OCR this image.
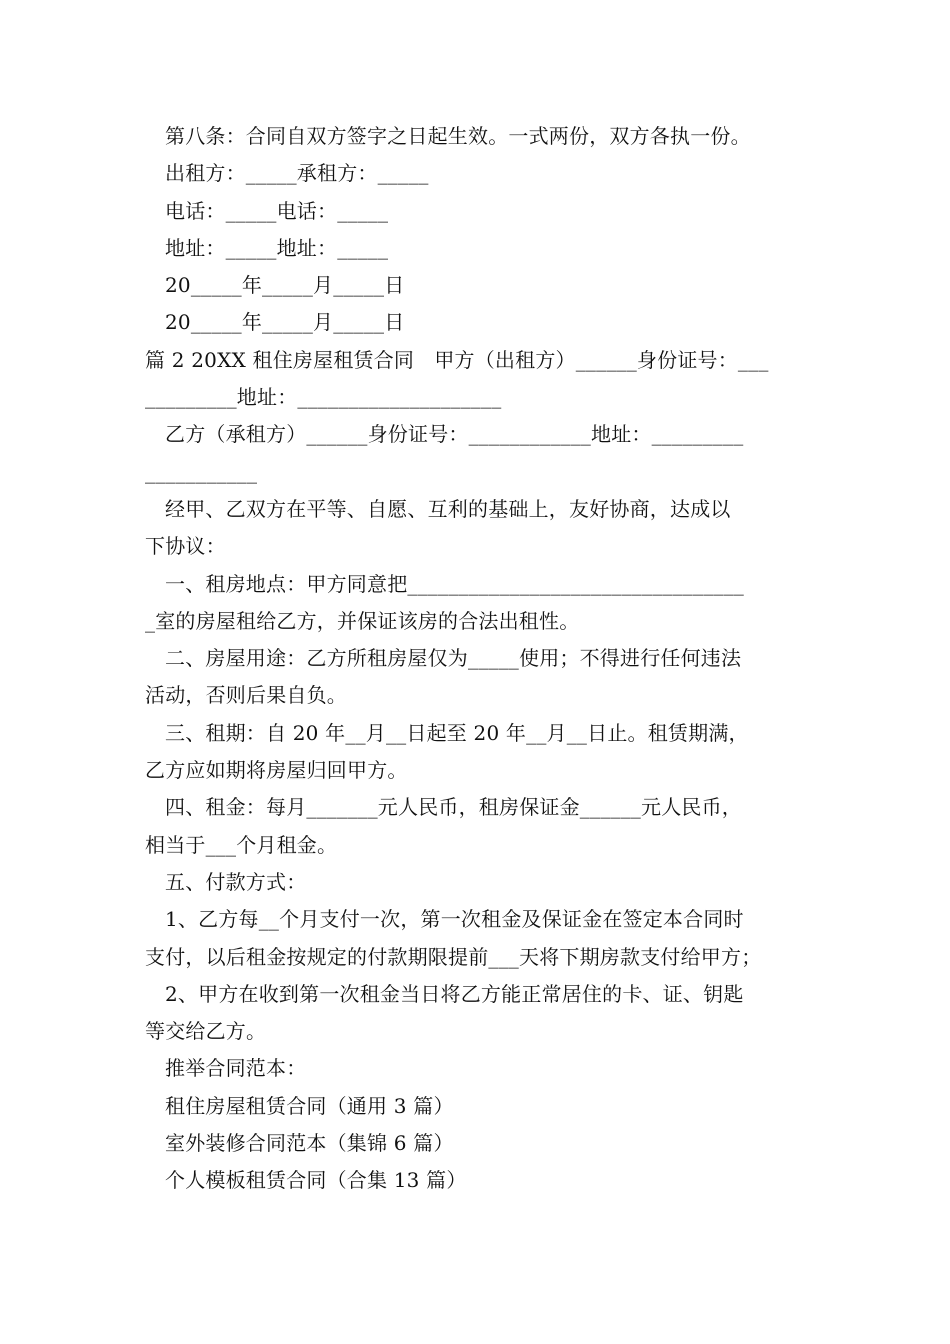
第八条：合同自双方签字之日起生效。一式两份，双方各执一份。
出租方：_____承租方：_____
电话：_____电话：_____
地址：_____地址：_____
20_____年_____月_____日
20_____年_____月_____日
篇 2 20XX 租住房屋租赁合同　甲方（出租方）______身份证号：___
_________地址：____________________
乙方（承租方）______身份证号：____________地址：_________
___________
经甲、乙双方在平等、自愿、互利的基础上，友好协商，达成以
下协议：
一、租房地点：甲方同意把_________________________________
_室的房屋租给乙方，并保证该房的合法出租性。
二、房屋用途：乙方所租房屋仅为_____使用；不得进行任何违法
活动，否则后果自负。
三、租期：自 20 年__月__日起至 20 年__月__日止。租赁期满，
乙方应如期将房屋归回甲方。
四、租金：每月_______元人民币，租房保证金______元人民币，
相当于___个月租金。
五、付款方式：
1、乙方每__个月支付一次，第一次租金及保证金在签定本合同时
支付，以后租金按规定的付款期限提前___天将下期房款支付给甲方；
2、甲方在收到第一次租金当日将乙方能正常居住的卡、证、钥匙
等交给乙方。
推举合同范本：
租住房屋租赁合同（通用 3 篇）
室外装修合同范本（集锦 6 篇）
个人模板租赁合同（合集 13 篇）
